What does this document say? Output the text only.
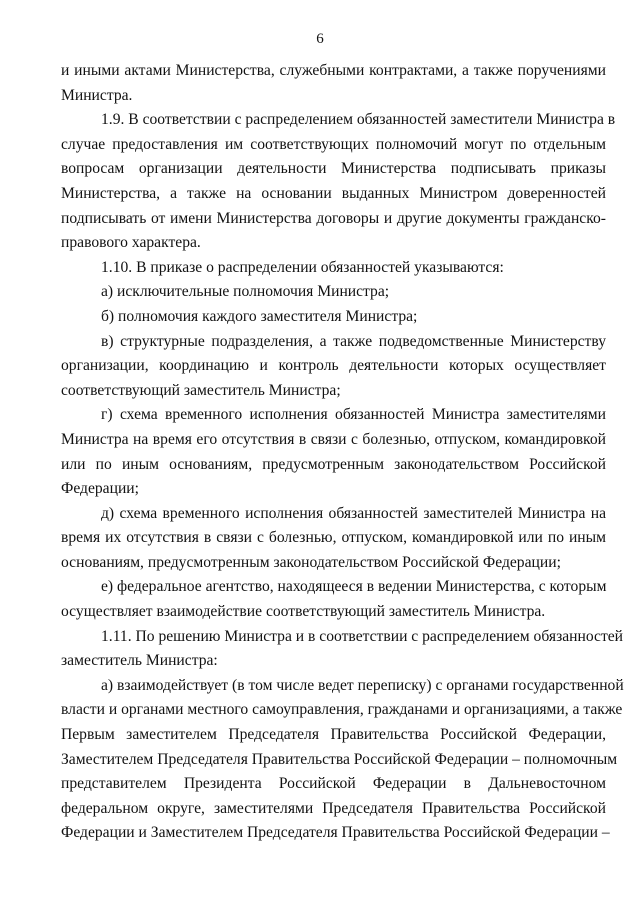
6
и иными актами Министерства, служебными контрактами, а также поручениями
Министра.
1.9. В соответствии с распределением обязанностей заместители Министра в
случае предоставления им соответствующих полномочий могут по отдельным
вопросам организации деятельности Министерства подписывать приказы
Министерства, а также на основании выданных Министром доверенностей
подписывать от имени Министерства договоры и другие документы гражданско-
правового характера.
1.10. В приказе о распределении обязанностей указываются:
а) исключительные полномочия Министра;
б) полномочия каждого заместителя Министра;
в) структурные подразделения, а также подведомственные Министерству
организации, координацию и контроль деятельности которых осуществляет
соответствующий заместитель Министра;
г) схема временного исполнения обязанностей Министра заместителями
Министра на время его отсутствия в связи с болезнью, отпуском, командировкой
или по иным основаниям, предусмотренным законодательством Российской
Федерации;
д) схема временного исполнения обязанностей заместителей Министра на
время их отсутствия в связи с болезнью, отпуском, командировкой или по иным
основаниям, предусмотренным законодательством Российской Федерации;
е) федеральное агентство, находящееся в ведении Министерства, с которым
осуществляет взаимодействие соответствующий заместитель Министра.
1.11. По решению Министра и в соответствии с распределением обязанностей
заместитель Министра:
а) взаимодействует (в том числе ведет переписку) с органами государственной
власти и органами местного самоуправления, гражданами и организациями, а также
Первым заместителем Председателя Правительства Российской Федерации,
Заместителем Председателя Правительства Российской Федерации – полномочным
представителем Президента Российской Федерации в Дальневосточном
федеральном округе, заместителями Председателя Правительства Российской
Федерации и Заместителем Председателя Правительства Российской Федерации –
